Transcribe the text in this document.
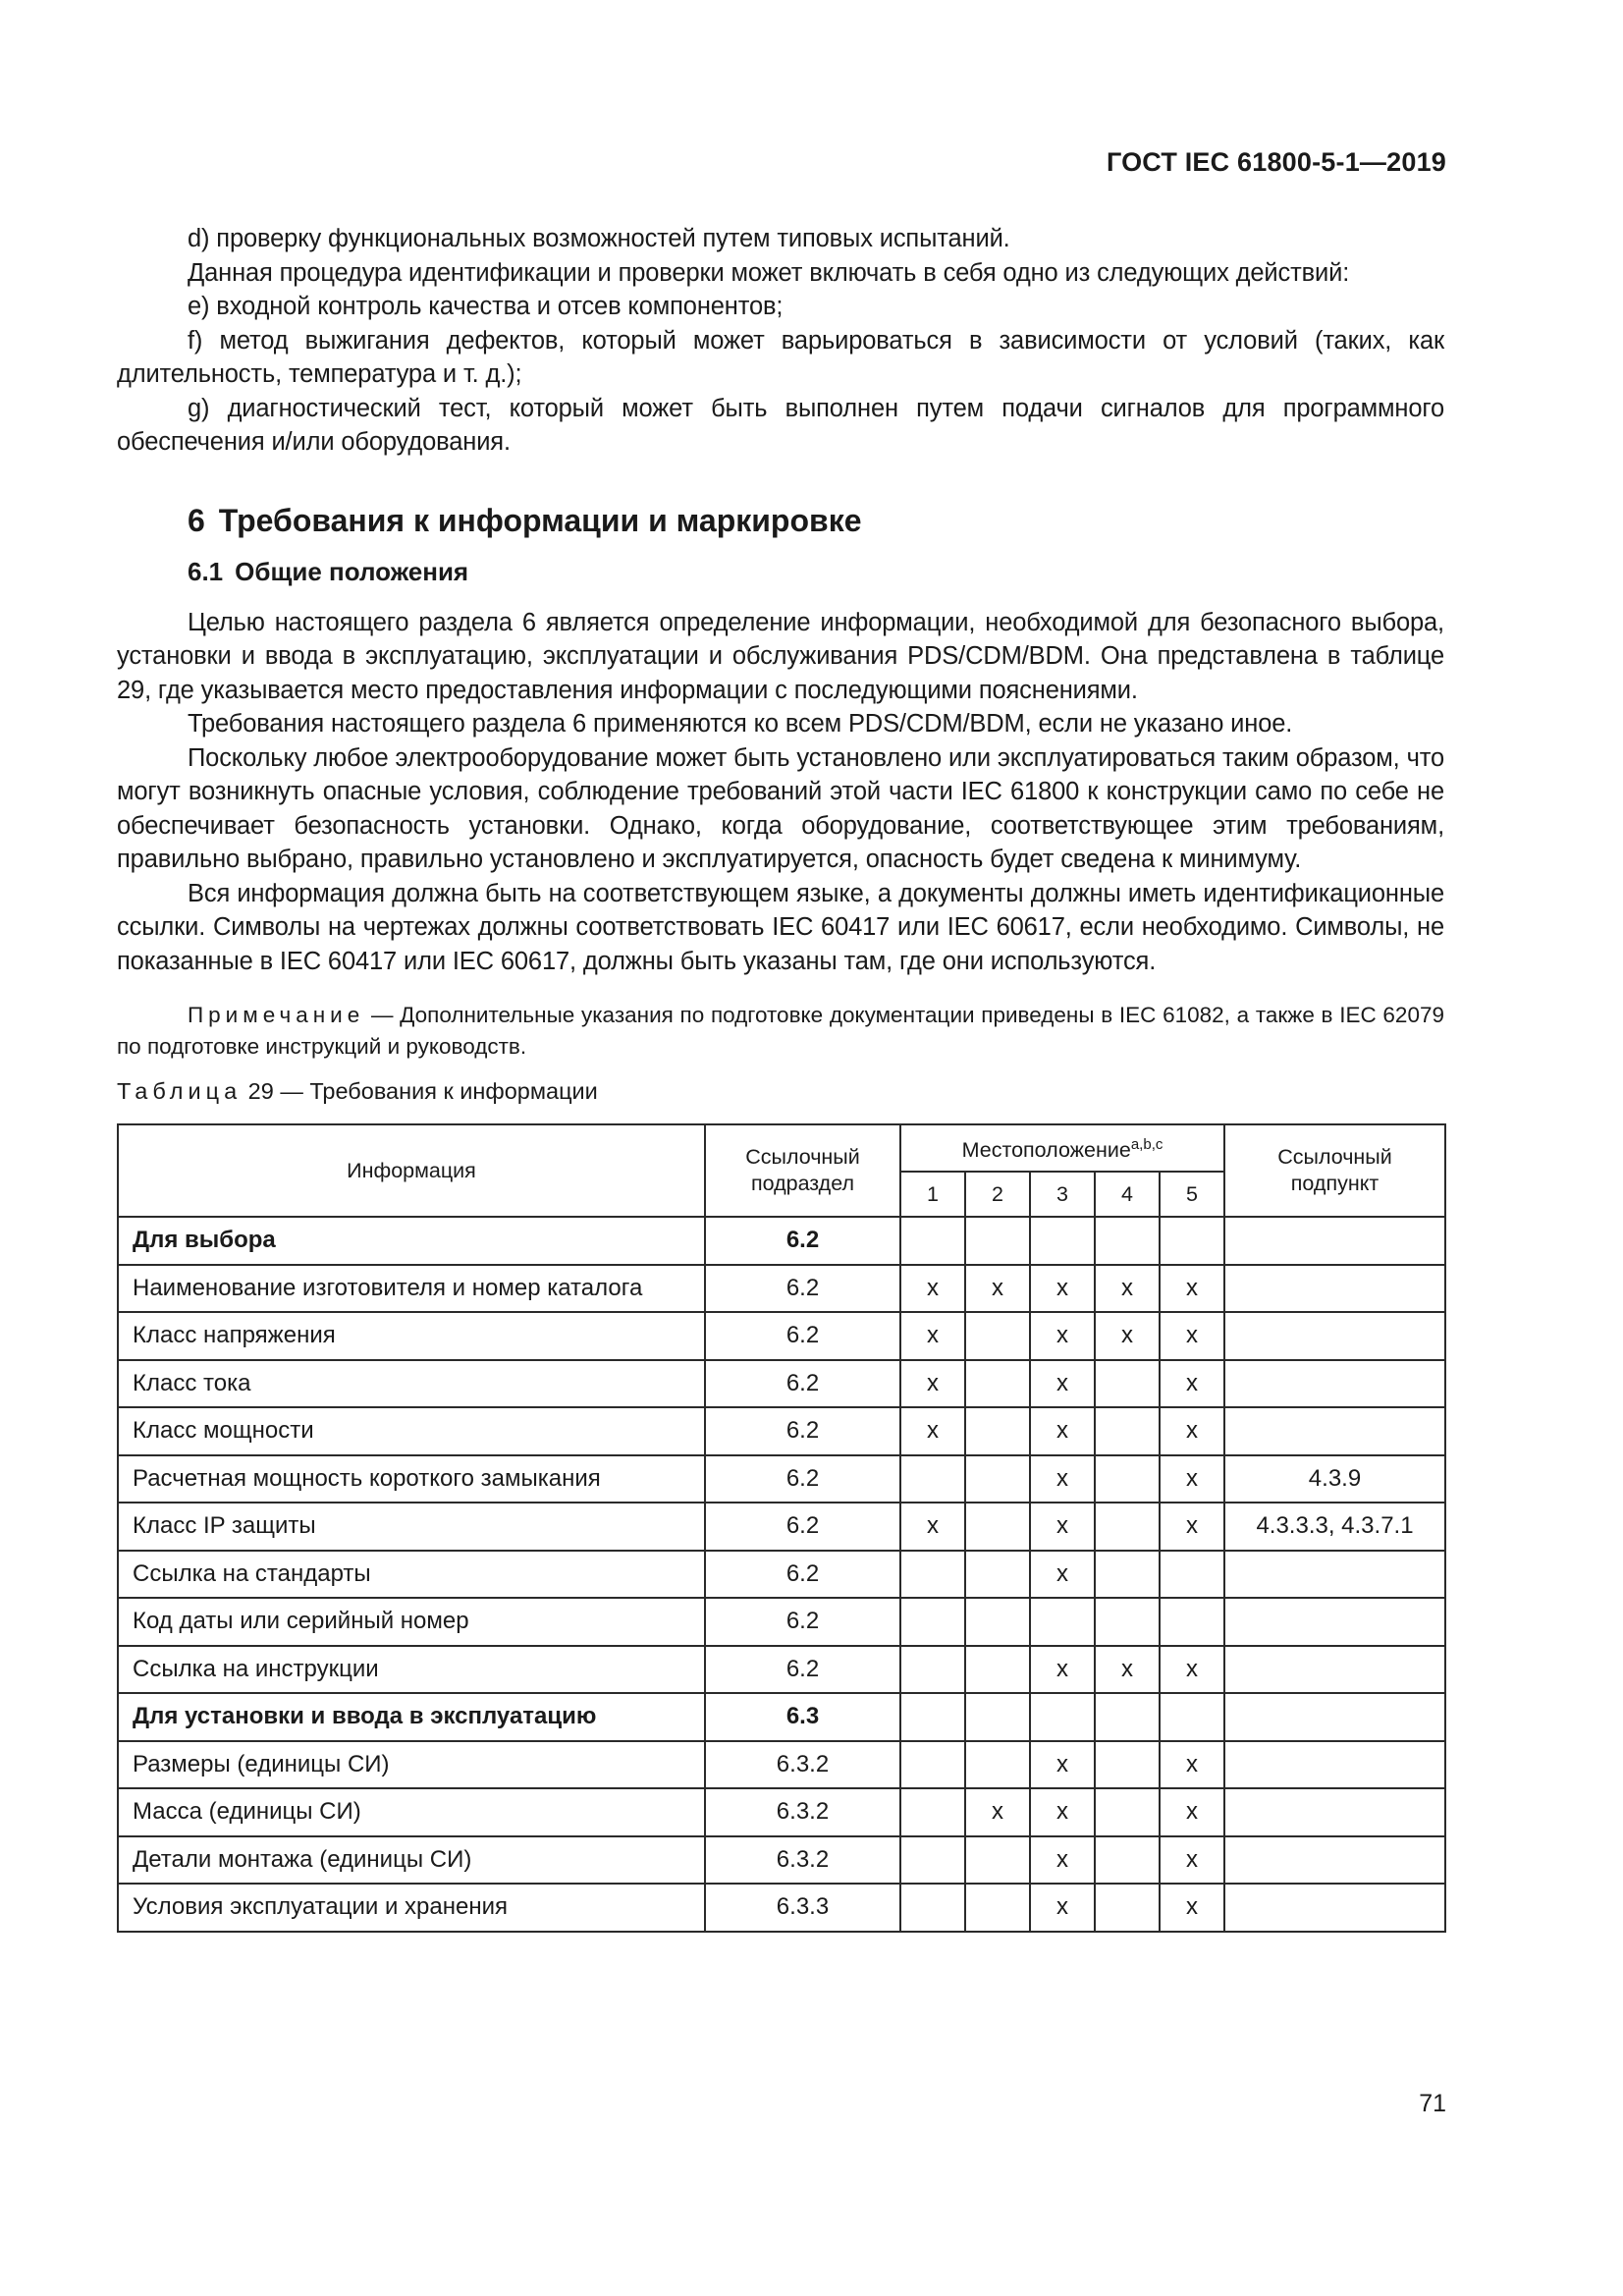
ГОСТ IEC 61800-5-1—2019

d) проверку функциональных возможностей путем типовых испытаний.

Данная процедура идентификации и проверки может включать в себя одно из следующих действий:

e) входной контроль качества и отсев компонентов;

f) метод выжигания дефектов, который может варьироваться в зависимости от условий (таких, как длительность, температура и т. д.);

g) диагностический тест, который может быть выполнен путем подачи сигналов для программного обеспечения и/или оборудования.

6 Требования к информации и маркировке
6.1 Общие положения

Целью настоящего раздела 6 является определение информации, необходимой для безопасного выбора, установки и ввода в эксплуатацию, эксплуатации и обслуживания PDS/CDM/BDM. Она представлена в таблице 29, где указывается место предоставления информации с последующими пояснениями.

Требования настоящего раздела 6 применяются ко всем PDS/CDM/BDM, если не указано иное.

Поскольку любое электрооборудование может быть установлено или эксплуатироваться таким образом, что могут возникнуть опасные условия, соблюдение требований этой части IEC 61800 к конструкции само по себе не обеспечивает безопасность установки. Однако, когда оборудование, соответствующее этим требованиям, правильно выбрано, правильно установлено и эксплуатируется, опасность будет сведена к минимуму.

Вся информация должна быть на соответствующем языке, а документы должны иметь идентификационные ссылки. Символы на чертежах должны соответствовать IEC 60417 или IEC 60617, если необходимо. Символы, не показанные в IEC 60417 или IEC 60617, должны быть указаны там, где они используются.

Примечание — Дополнительные указания по подготовке документации приведены в IEC 61082, а также в IEC 62079 по подготовке инструкций и руководств.

Таблица 29 — Требования к информации

Информация	Ссылочный подраздел	Местоположение$^{a,b,c}$					Ссылочный подпункт
		1	2	3	4	5	
Для выбора	6.2						
Наименование изготовителя и номер каталога	6.2	x	x	x	x	x	
Класс напряжения	6.2	x		x	x	x	
Класс тока	6.2	x		x		x	
Класс мощности	6.2	x		x		x	
Расчетная мощность короткого замыкания	6.2			x		x	4.3.9
Класс IP защиты	6.2	x		x		x	4.3.3.3, 4.3.7.1
Ссылка на стандарты	6.2			x			
Код даты или серийный номер	6.2						
Ссылка на инструкции	6.2			x	x	x	
Для установки и ввода в эксплуатацию	6.3						
Размеры (единицы СИ)	6.3.2			x		x	
Масса (единицы СИ)	6.3.2		x	x		x	
Детали монтажа (единицы СИ)	6.3.2			x		x	
Условия эксплуатации и хранения	6.3.3			x		x	
71
